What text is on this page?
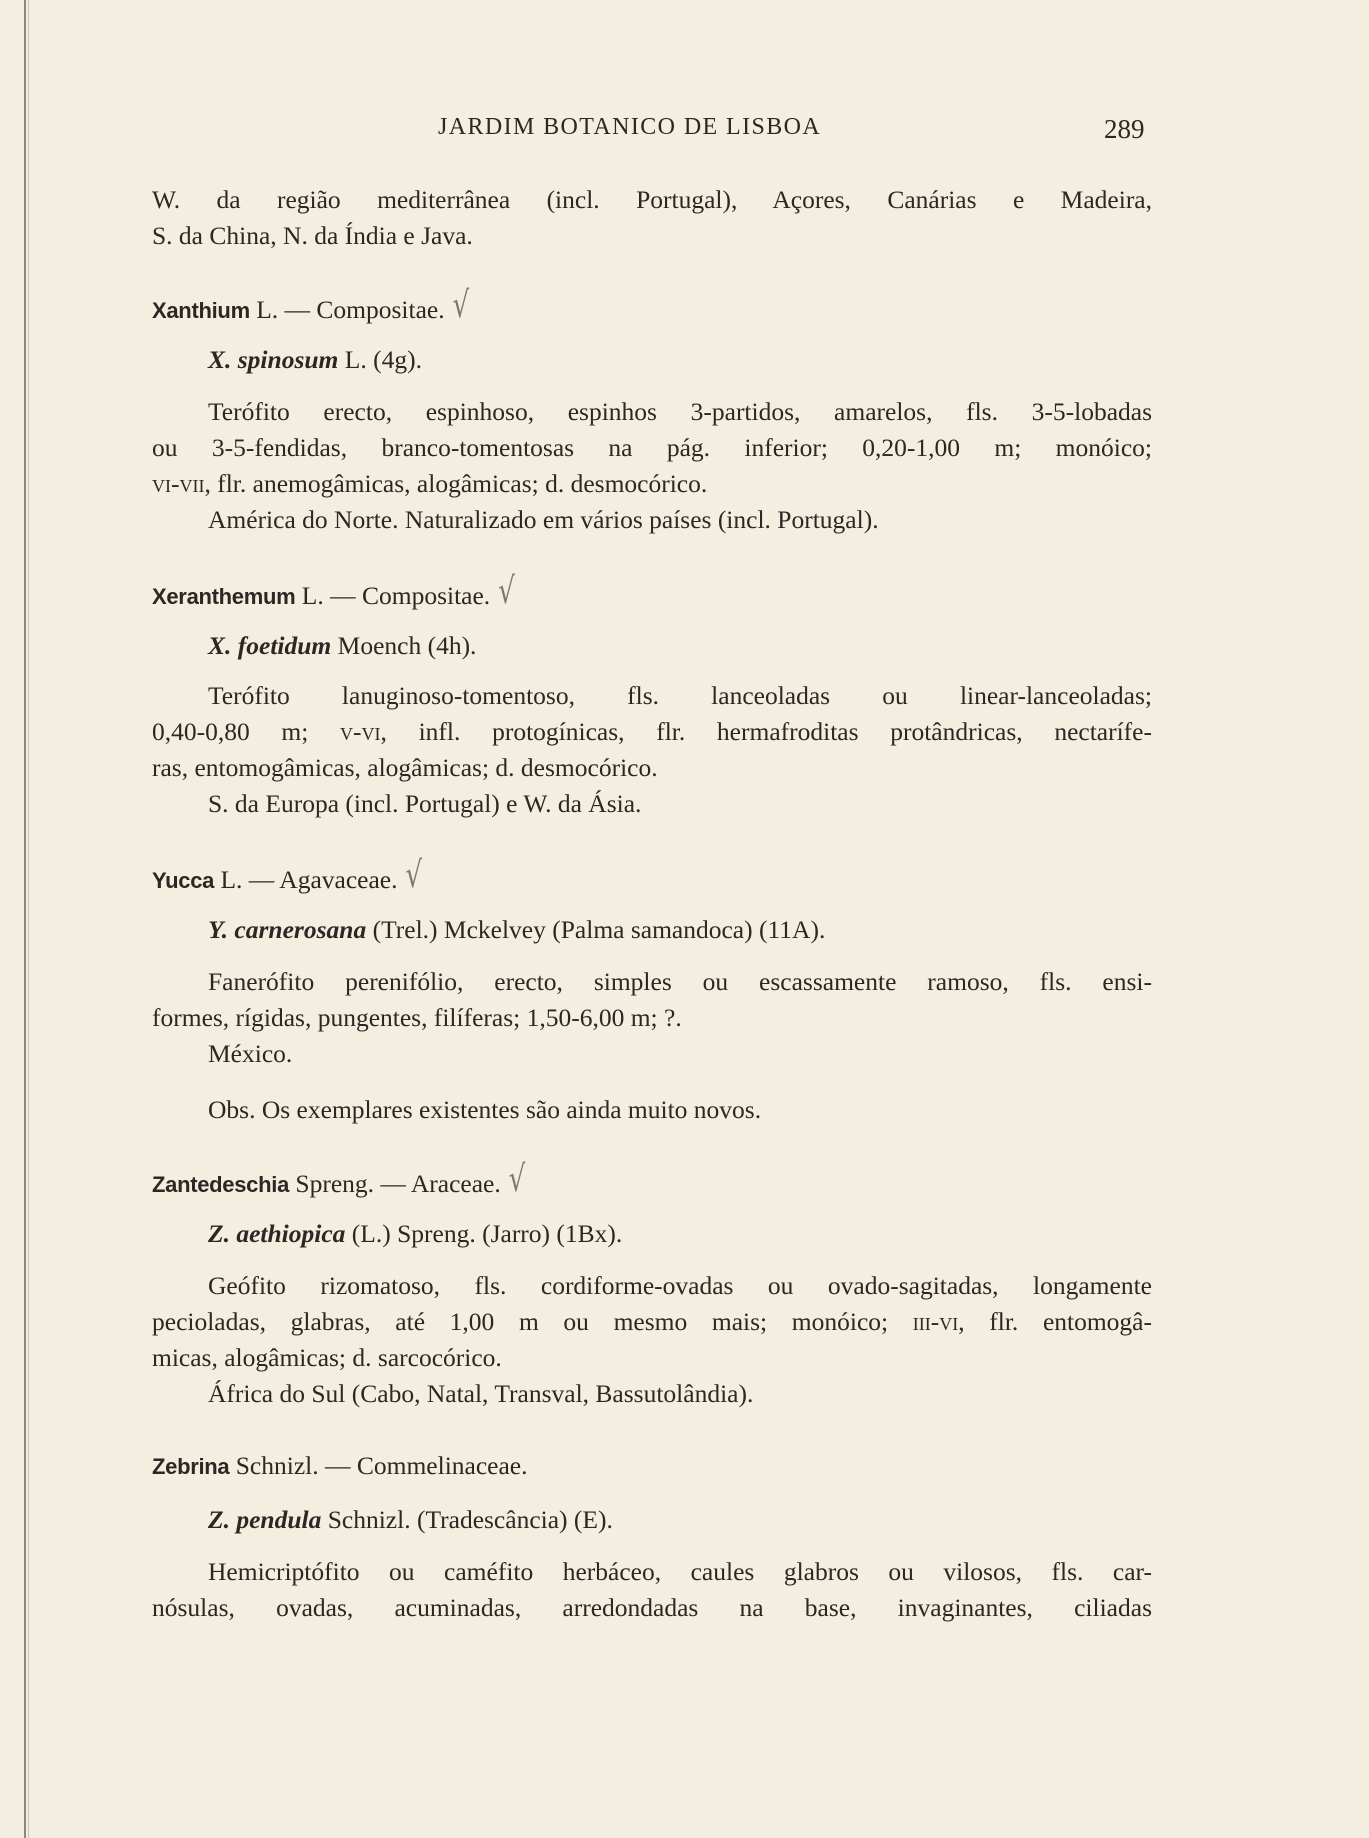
JARDIM BOTANICO DE LISBOA	289
W. da região mediterrânea (incl. Portugal), Açores, Canárias e Madeira,
S. da China, N. da Índia e Java.
Xanthium L. — Compositae. √
X. spinosum L. (4g).
Terófito erecto, espinhoso, espinhos 3-partidos, amarelos, fls. 3-5-lobadas
ou 3-5-fendidas, branco-tomentosas na pág. inferior; 0,20-1,00 m; monóico;
vi-vii, flr. anemogâmicas, alogâmicas; d. desmocórico.
América do Norte. Naturalizado em vários países (incl. Portugal).
Xeranthemum L. — Compositae. √
X. foetidum Moench (4h).
Terófito lanuginoso-tomentoso, fls. lanceoladas ou linear-lanceoladas;
0,40-0,80 m; v-vi, infl. protogínicas, flr. hermafroditas protândricas, nectarífe-
ras, entomogâmicas, alogâmicas; d. desmocórico.
S. da Europa (incl. Portugal) e W. da Ásia.
Yucca L. — Agavaceae. √
Y. carnerosana (Trel.) Mckelvey (Palma samandoca) (11A).
Fanerófito perenifólio, erecto, simples ou escassamente ramoso, fls. ensi-
formes, rígidas, pungentes, filíferas; 1,50-6,00 m; ?.
México.
Obs. Os exemplares existentes são ainda muito novos.
Zantedeschia Spreng. — Araceae. √
Z. aethiopica (L.) Spreng. (Jarro) (1Bx).
Geófito rizomatoso, fls. cordiforme-ovadas ou ovado-sagitadas, longamente
pecioladas, glabras, até 1,00 m ou mesmo mais; monóico; iii-vi, flr. entomogâ-
micas, alogâmicas; d. sarcocórico.
África do Sul (Cabo, Natal, Transval, Bassutolândia).
Zebrina Schnizl. — Commelinaceae.
Z. pendula Schnizl. (Tradescância) (E).
Hemicriptófito ou caméfito herbáceo, caules glabros ou vilosos, fls. car-
nósulas, ovadas, acuminadas, arredondadas na base, invaginantes, ciliadas
